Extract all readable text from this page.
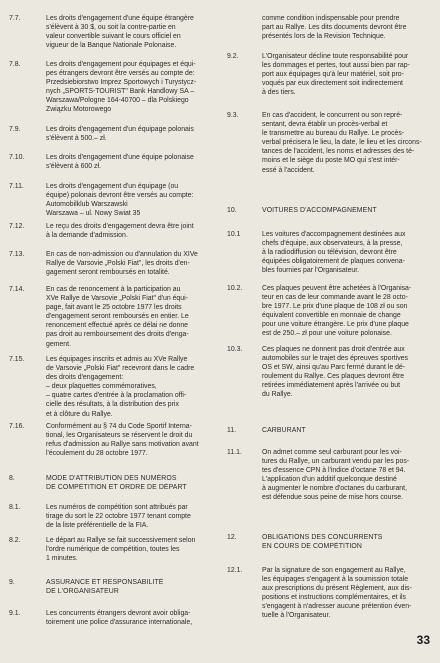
7.7.	Les droits d'engagement d'une équipe étrangère
s'élèvent à 30 $, ou soit la contre-partie en
valeur convertible suivant le cours officiel en
vigueur de la Banque Nationale Polonaise.
7.8.	Les droits d'engagement pour équipages et équi-
pes étrangers devront être versés au compte de:
Przedsiebiorstwo Imprez Sportowych i Turystycz-
nych „SPORTS-TOURIST" Bank Handlowy SA –
Warszawa/Pologne 164-40700 – dla Polskiego
Związku Motorowego
7.9.	Les droits d'engagement d'un équipage polonais
s'élèvent à 500.– zł.
7.10.	Les droits d'engagement d'une équipe polonaise
s'élèvent à 600 zł.
7.11.	Les droits d'engagement d'un équipage (ou
équipe) polonais devront être versés au compte:
Automobilklub Warszawski
Warszawa – ul. Nowy Świat 35
7.12.	Le reçu des droits d'engagement devra être joint
à la demande d'admission.
7.13.	En cas de non-admission ou d'annulation du XIVe
Rallye de Varsovie „Polski Fiat", les droits d'en-
gagement seront remboursés en totalité.
7.14.	En cas de renoncement à la participation au
XVe Rallye de Varsovie „Polski Fiat" d'un équi-
page, fait avant le 25 octobre 1977 les droits
d'engagement seront remboursés en entier. Le
renoncement effectué après ce délai ne donne
pas droit au remboursement des droits d'enga-
gement.
7.15.	Les équipages inscrits et admis au XVe Rallye
de Varsovie „Polski Fiat" recevront dans le cadre
des droits d'engagement:
– deux plaquettes commémoratives,
– quatre cartes d'entrée à la proclamation offi-
cielle des résultats, à la distribution des prix
et à clôture du Rallye.
7.16.	Conformément au § 74 du Code Sportif Interna-
tional, les Organisateurs se réservent le droit du
refus d'admission au Rallye sans motivation avant
l'écoulement du 28 octobre 1977.
8.	MODE D'ATTRIBUTION DES NUMÉROS
DE COMPÉTITION ET ORDRE DE DÉPART
8.1.	Les numéros de compétition sont attribués par
tirage du sort le 22 octobre 1977 tenant compte
de la liste préférentielle de la FIA.
8.2.	Le départ au Rallye se fait successivement selon
l'ordre numérique de compétition, toutes les
1 minutes.
9.	ASSURANCE ET RESPONSABILITÉ
DE L'ORGANISATEUR
9.1.	Les concurrents étrangers devront avoir obliga-
toirement une police d'assurance internationale,
comme condition indispensable pour prendre
part au Rallye. Les dits documents devront être
présentés lors de la Revision Technique.
9.2.	L'Organisateur décline toute responsabilité pour
les dommages et pertes, tout aussi bien par rap-
port aux équipages qu'à leur matériel, soit pro-
voqués par eux directement soit indirectement
à des tiers.
9.3.	En cas d'accident, le concurrent ou son repré-
sentant, devra établir un procès-verbal et
le transmettre au bureau du Rallye. Le procès-
verbal précisera le lieu, la date, le lieu et les circons-
tances de l'accident, les noms et adresses des té-
moins et le siège du poste MO qui s'est intér-
essé à l'accident.
10.	VOITURES D'ACCOMPAGNEMENT
10.1	Les voitures d'accompagnement destinées aux
chefs d'équipe, aux observateurs, à la presse,
à la radiodiffusion ou télévision, devront être
équipées obligatoirement de plaques convena-
bles fournies par l'Organisateur.
10.2.	Ces plaques peuvent être achetées à l'Organisa-
teur en cas de leur commande avant le 28 octo-
bre 1977. Le prix d'une plaque de 108 zł ou son
équivalent convertible en monnaie de change
pour une voiture étrangère. Le prix d'une plaque
est de 250.– zł pour une voiture polonaise.
10.3.	Ces plaques ne donnent pas droit d'entrée aux
automobiles sur le trajet des épreuves sportives
OS et SW, ainsi qu'au Parc fermé durant le dé-
roulement du Rallye. Ces plaques devront être
retirées immédiatement après l'arrivée ou but
du Rallye.
11.	CARBURANT
11.1.	On admet comme seul carburant pour les voi-
tures du Rallye, un carburant vendu par les pos-
tes d'essence CPN à l'indice d'octane 78 et 94.
L'application d'un additif quelconque destiné
à augmenter le nombre d'octanes du carburant,
est défendue sous peine de mise hors course.
12.	OBLIGATIONS DES CONCURRENTS
EN COURS DE COMPÉTITION
12.1.	Par la signature de son engagement au Rallye,
les équipages s'engagent à la soumission totale
aux prescriptions du présent Règlement, aux dis-
positions et instructions complémentaires, et ils
s'engagent à n'adresser aucune prétention éven-
tuelle à l'Organisateur.
33
